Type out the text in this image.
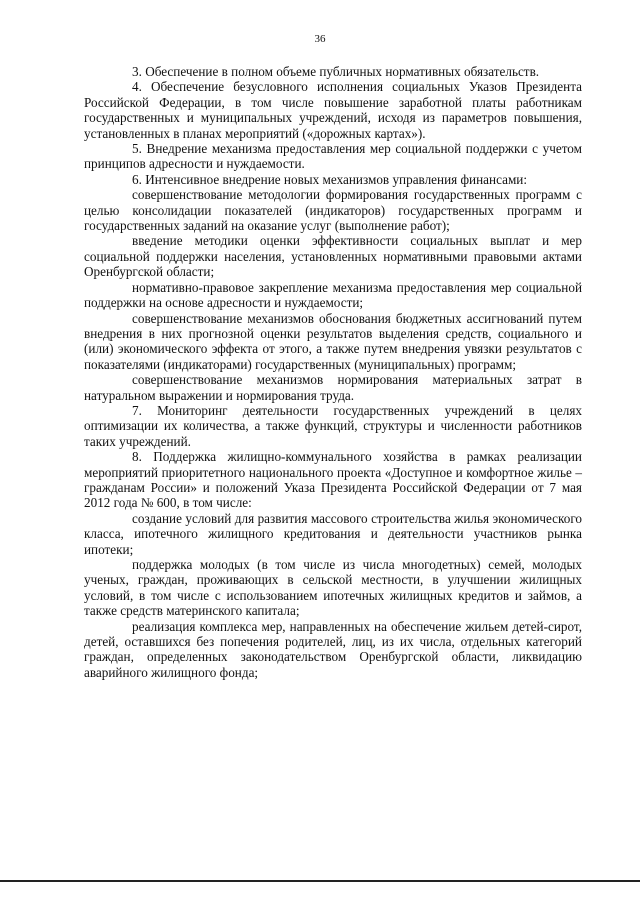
36

3. Обеспечение в полном объеме публичных нормативных обязательств.

4. Обеспечение безусловного исполнения социальных Указов Президента Российской Федерации, в том числе повышение заработной платы работникам государственных и муниципальных учреждений, исходя из параметров повышения, установленных в планах мероприятий («дорожных картах»).

5. Внедрение механизма предоставления мер социальной поддержки с учетом принципов адресности и нуждаемости.

6. Интенсивное внедрение новых механизмов управления финансами:

совершенствование методологии формирования государственных программ с целью консолидации показателей (индикаторов) государственных программ и государственных заданий на оказание услуг (выполнение работ);

введение методики оценки эффективности социальных выплат и мер социальной поддержки населения, установленных нормативными правовыми актами Оренбургской области;

нормативно-правовое закрепление механизма предоставления мер социальной поддержки на основе адресности и нуждаемости;

совершенствование механизмов обоснования бюджетных ассигнований путем внедрения в них прогнозной оценки результатов выделения средств, социального и (или) экономического эффекта от этого, а также путем внедрения увязки результатов с показателями (индикаторами) государственных (муниципальных) программ;

совершенствование механизмов нормирования материальных затрат в натуральном выражении и нормирования труда.

7. Мониторинг деятельности государственных учреждений в целях оптимизации их количества, а также функций, структуры и численности работников таких учреждений.

8. Поддержка жилищно-коммунального хозяйства в рамках реализации мероприятий приоритетного национального проекта «Доступное и комфортное жилье – гражданам России» и положений Указа Президента Российской Федерации от 7 мая 2012 года № 600, в том числе:

создание условий для развития массового строительства жилья экономического класса, ипотечного жилищного кредитования и деятельности участников рынка ипотеки;

поддержка молодых (в том числе из числа многодетных) семей, молодых ученых, граждан, проживающих в сельской местности, в улучшении жилищных условий, в том числе с использованием ипотечных жилищных кредитов и займов, а также средств материнского капитала;

реализация комплекса мер, направленных на обеспечение жильем детей-сирот, детей, оставшихся без попечения родителей, лиц, из их числа, отдельных категорий граждан, определенных законодательством Оренбургской области, ликвидацию аварийного жилищного фонда;
